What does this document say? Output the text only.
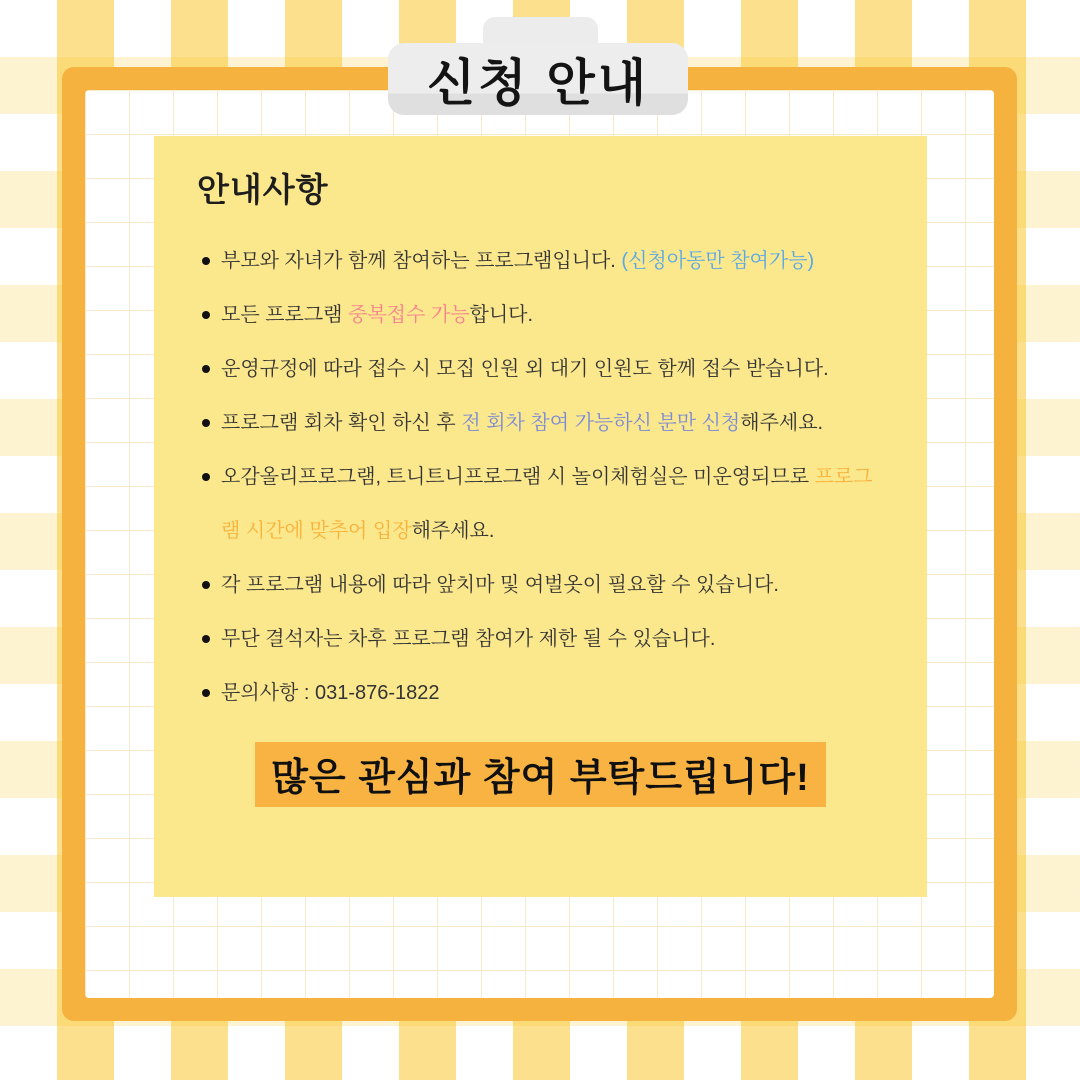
신청 안내
안내사항
부모와 자녀가 함께 참여하는 프로그램입니다. (신청아동만 참여가능)
모든 프로그램 중복접수 가능합니다.
운영규정에 따라 접수 시 모집 인원 외 대기 인원도 함께 접수 받습니다.
프로그램 회차 확인 하신 후 전 회차 참여 가능하신 분만 신청해주세요.
오감올리프로그램, 트니트니프로그램 시 놀이체험실은 미운영되므로 프로그램 시간에 맞추어 입장해주세요.
각 프로그램 내용에 따라 앞치마 및 여벌옷이 필요할 수 있습니다.
무단 결석자는 차후 프로그램 참여가 제한 될 수 있습니다.
문의사항 : 031-876-1822
많은 관심과 참여 부탁드립니다!
